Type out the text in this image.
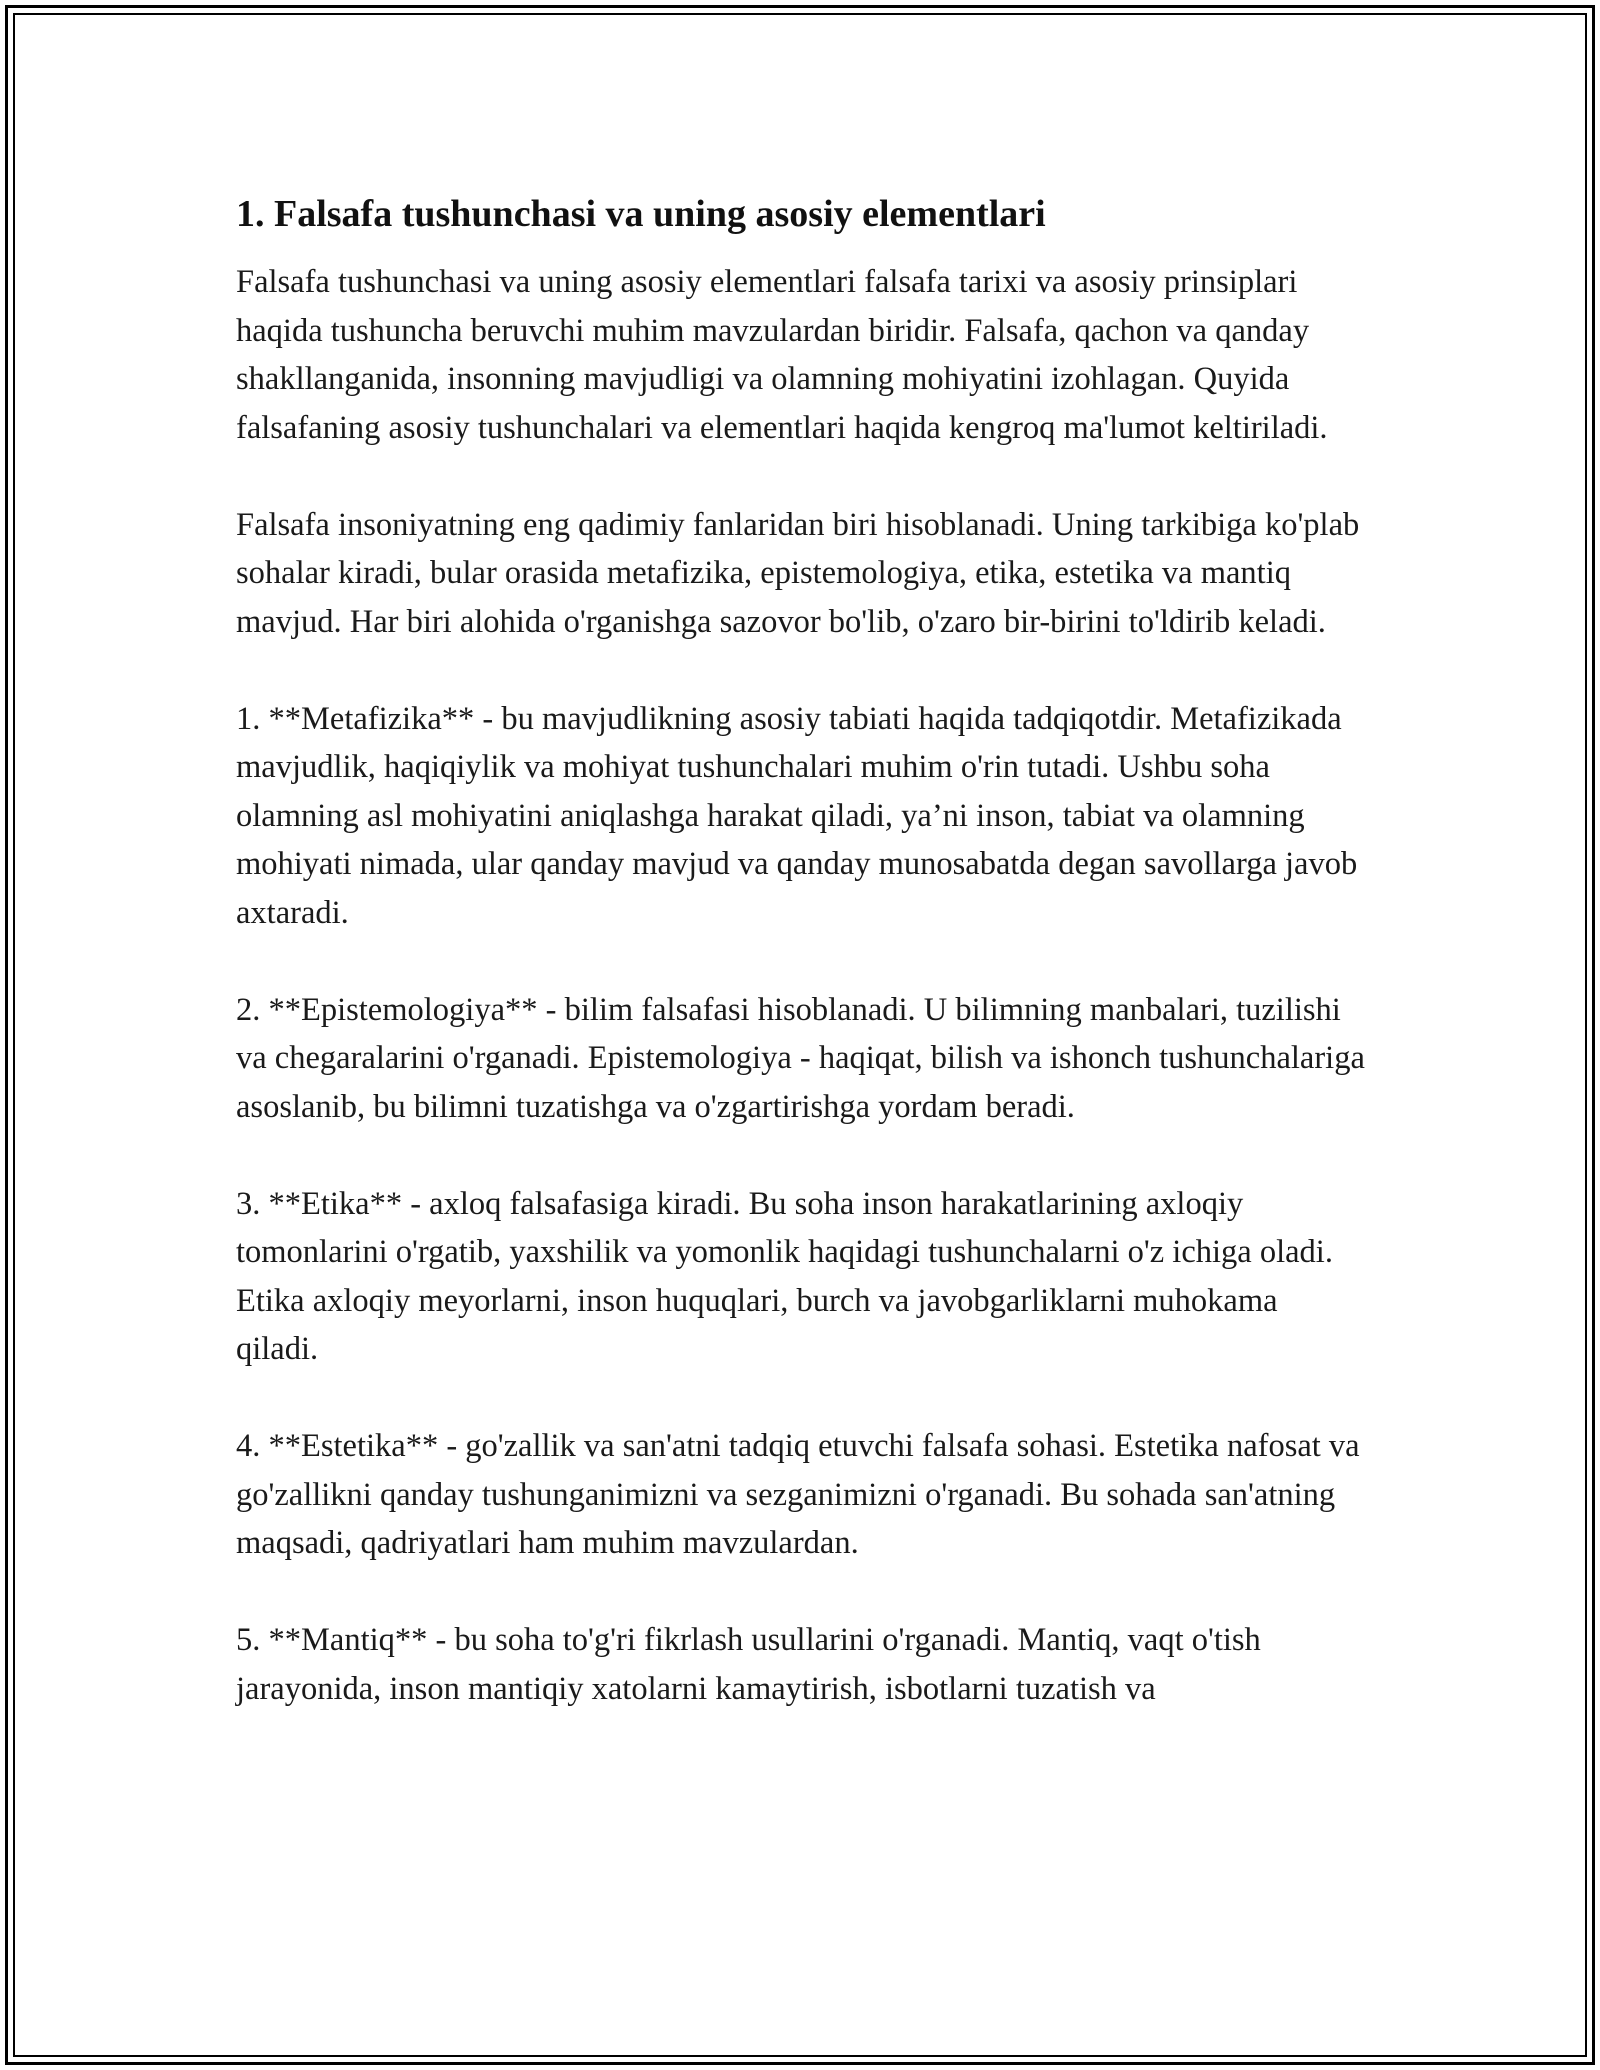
1. Falsafa tushunchasi va uning asosiy elementlari

Falsafa tushunchasi va uning asosiy elementlari falsafa tarixi va asosiy prinsiplari haqida tushuncha beruvchi muhim mavzulardan biridir. Falsafa, qachon va qanday shakllanganida, insonning mavjudligi va olamning mohiyatini izohlagan. Quyida falsafaning asosiy tushunchalari va elementlari haqida kengroq ma'lumot keltiriladi.

Falsafa insoniyatning eng qadimiy fanlaridan biri hisoblanadi. Uning tarkibiga ko'plab sohalar kiradi, bular orasida metafizika, epistemologiya, etika, estetika va mantiq mavjud. Har biri alohida o'rganishga sazovor bo'lib, o'zaro bir-birini to'ldirib keladi.

1. **Metafizika** - bu mavjudlikning asosiy tabiati haqida tadqiqotdir. Metafizikada mavjudlik, haqiqiylik va mohiyat tushunchalari muhim o'rin tutadi. Ushbu soha olamning asl mohiyatini aniqlashga harakat qiladi, ya’ni inson, tabiat va olamning mohiyati nimada, ular qanday mavjud va qanday munosabatda degan savollarga javob axtaradi.

2. **Epistemologiya** - bilim falsafasi hisoblanadi. U bilimning manbalari, tuzilishi va chegaralarini o'rganadi. Epistemologiya - haqiqat, bilish va ishonch tushunchalariga asoslanib, bu bilimni tuzatishga va o'zgartirishga yordam beradi.

3. **Etika** - axloq falsafasiga kiradi. Bu soha inson harakatlarining axloqiy tomonlarini o'rgatib, yaxshilik va yomonlik haqidagi tushunchalarni o'z ichiga oladi. Etika axloqiy meyorlarni, inson huquqlari, burch va javobgarliklarni muhokama qiladi.

4. **Estetika** - go'zallik va san'atni tadqiq etuvchi falsafa sohasi. Estetika nafosat va go'zallikni qanday tushunganimizni va sezganimizni o'rganadi. Bu sohada san'atning maqsadi, qadriyatlari ham muhim mavzulardan.

5. **Mantiq** - bu soha to'g'ri fikrlash usullarini o'rganadi. Mantiq, vaqt o'tish jarayonida, inson mantiqiy xatolarni kamaytirish, isbotlarni tuzatish va
